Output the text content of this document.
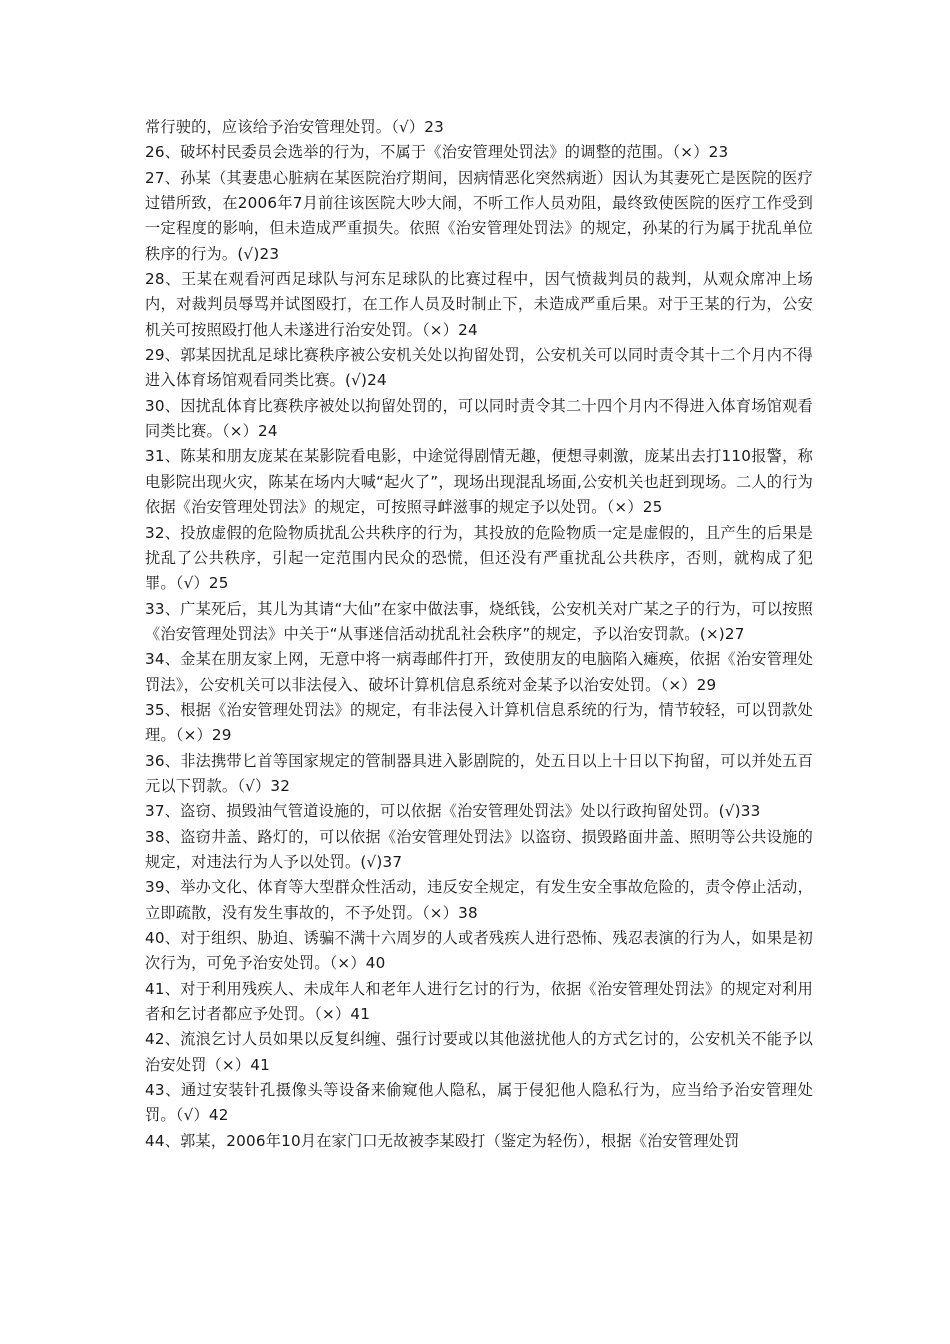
常行驶的，应该给予治安管理处罚。（√）23

26、破坏村民委员会选举的行为，不属于《治安管理处罚法》的调整的范围。（×）23

27、孙某（其妻患心脏病在某医院治疗期间，因病情恶化突然病逝）因认为其妻死亡是医院的医疗过错所致，在2006年7月前往该医院大吵大闹，不听工作人员劝阻，最终致使医院的医疗工作受到一定程度的影响，但未造成严重损失。依照《治安管理处罚法》的规定，孙某的行为属于扰乱单位秩序的行为。(√)23

28、王某在观看河西足球队与河东足球队的比赛过程中，因气愤裁判员的裁判，从观众席冲上场内，对裁判员辱骂并试图殴打，在工作人员及时制止下，未造成严重后果。对于王某的行为，公安机关可按照殴打他人未遂进行治安处罚。（×）24

29、郭某因扰乱足球比赛秩序被公安机关处以拘留处罚，公安机关可以同时责令其十二个月内不得进入体育场馆观看同类比赛。(√)24

30、因扰乱体育比赛秩序被处以拘留处罚的，可以同时责令其二十四个月内不得进入体育场馆观看同类比赛。（×）24

31、陈某和朋友庞某在某影院看电影，中途觉得剧情无趣，便想寻刺激，庞某出去打110报警，称电影院出现火灾，陈某在场内大喊“起火了”，现场出现混乱场面,公安机关也赶到现场。二人的行为依据《治安管理处罚法》的规定，可按照寻衅滋事的规定予以处罚。（×）25

32、投放虚假的危险物质扰乱公共秩序的行为，其投放的危险物质一定是虚假的，且产生的后果是扰乱了公共秩序，引起一定范围内民众的恐慌，但还没有严重扰乱公共秩序，否则，就构成了犯罪。（√）25

33、广某死后，其儿为其请“大仙”在家中做法事，烧纸钱，公安机关对广某之子的行为，可以按照《治安管理处罚法》中关于“从事迷信活动扰乱社会秩序”的规定，予以治安罚款。(×)27

34、金某在朋友家上网，无意中将一病毒邮件打开，致使朋友的电脑陷入瘫痪，依据《治安管理处罚法》，公安机关可以非法侵入、破坏计算机信息系统对金某予以治安处罚。（×）29

35、根据《治安管理处罚法》的规定，有非法侵入计算机信息系统的行为，情节较轻，可以罚款处理。（×）29

36、非法携带匕首等国家规定的管制器具进入影剧院的，处五日以上十日以下拘留，可以并处五百元以下罚款。（√）32

37、盗窃、损毁油气管道设施的，可以依据《治安管理处罚法》处以行政拘留处罚。(√)33

38、盗窃井盖、路灯的，可以依据《治安管理处罚法》以盗窃、损毁路面井盖、照明等公共设施的规定，对违法行为人予以处罚。(√)37

39、举办文化、体育等大型群众性活动，违反安全规定，有发生安全事故危险的，责令停止活动，立即疏散，没有发生事故的，不予处罚。（×）38

40、对于组织、胁迫、诱骗不满十六周岁的人或者残疾人进行恐怖、残忍表演的行为人，如果是初次行为，可免予治安处罚。（×）40

41、对于利用残疾人、未成年人和老年人进行乞讨的行为，依据《治安管理处罚法》的规定对利用者和乞讨者都应予处罚。（×）41

42、流浪乞讨人员如果以反复纠缠、强行讨要或以其他滋扰他人的方式乞讨的，公安机关不能予以治安处罚（×）41

43、通过安装针孔摄像头等设备来偷窥他人隐私，属于侵犯他人隐私行为，应当给予治安管理处罚。（√）42

44、郭某，2006年10月在家门口无故被李某殴打（鉴定为轻伤），根据《治安管理处罚
